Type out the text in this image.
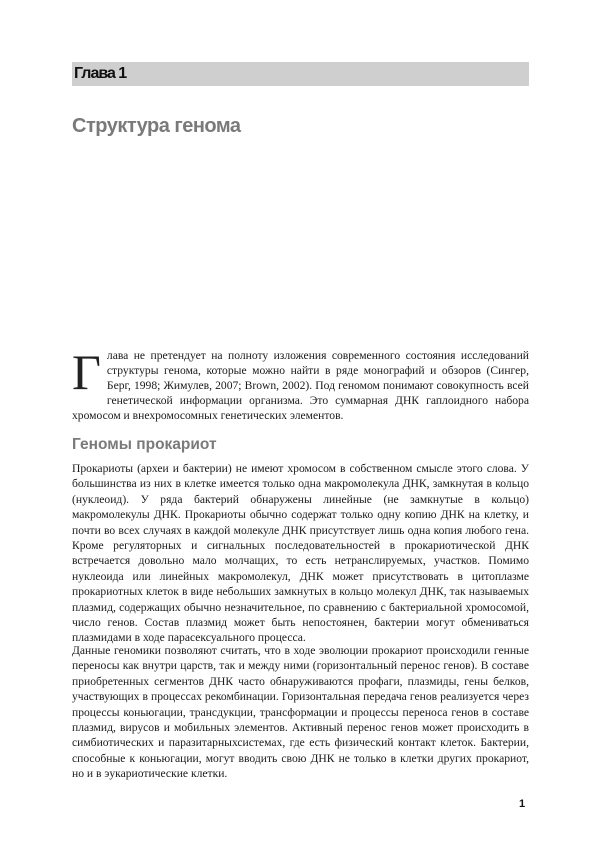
Глава 1
Структура генома
Г лава не претендует на полноту изложения современного состояния исследований структуры генома, которые можно найти в ряде монографий и обзоров (Сингер, Берг, 1998; Жимулев, 2007; Brown, 2002). Под геномом понимают совокупность всей генетической информации организма. Это суммарная ДНК гаплоидного набора хромосом и внехромосомных генетических элементов.
Геномы прокариот

Прокариоты (археи и бактерии) не имеют хромосом в собственном смысле этого слова. У большинства из них в клетке имеется только одна макромолекула ДНК, замкнутая в кольцо (нуклеоид). У ряда бактерий обнаружены линейные (не замкнутые в кольцо) макромолекулы ДНК. Прокариоты обычно содержат только одну копию ДНК на клетку, и почти во всех случаях в каждой молекуле ДНК присутствует лишь одна копия любого гена. Кроме регуляторных и сигнальных последовательностей в прокариотической ДНК встречается довольно мало молчащих, то есть нетранслируемых, участков. Помимо нуклеоида или линейных макромолекул, ДНК может присутствовать в цитоплазме прокариотных клеток в виде небольших замкнутых в кольцо молекул ДНК, так называемых плазмид, содержащих обычно незначительное, по сравнению с бактериальной хромосомой, число генов. Состав плазмид может быть непостоянен, бактерии могут обмениваться плазмидами в ходе парасексуального процесса.

Данные геномики позволяют считать, что в ходе эволюции прокариот происходили генные переносы как внутри царств, так и между ними (горизонтальный перенос генов). В составе приобретенных сегментов ДНК часто обнаруживаются профаги, плазмиды, гены белков, участвующих в процессах рекомбинации. Горизонтальная передача генов реализуется через процессы коньюгации, трансдукции, трансформации и процессы переноса генов в составе плазмид, вирусов и мобильных элементов. Активный перенос генов может происходить в симбиотических и паразитарныхсистемах, где есть физический контакт клеток. Бактерии, способные к коньюгации, могут вводить свою ДНК не только в клетки других прокариот, но и в эукариотические клетки.

1
